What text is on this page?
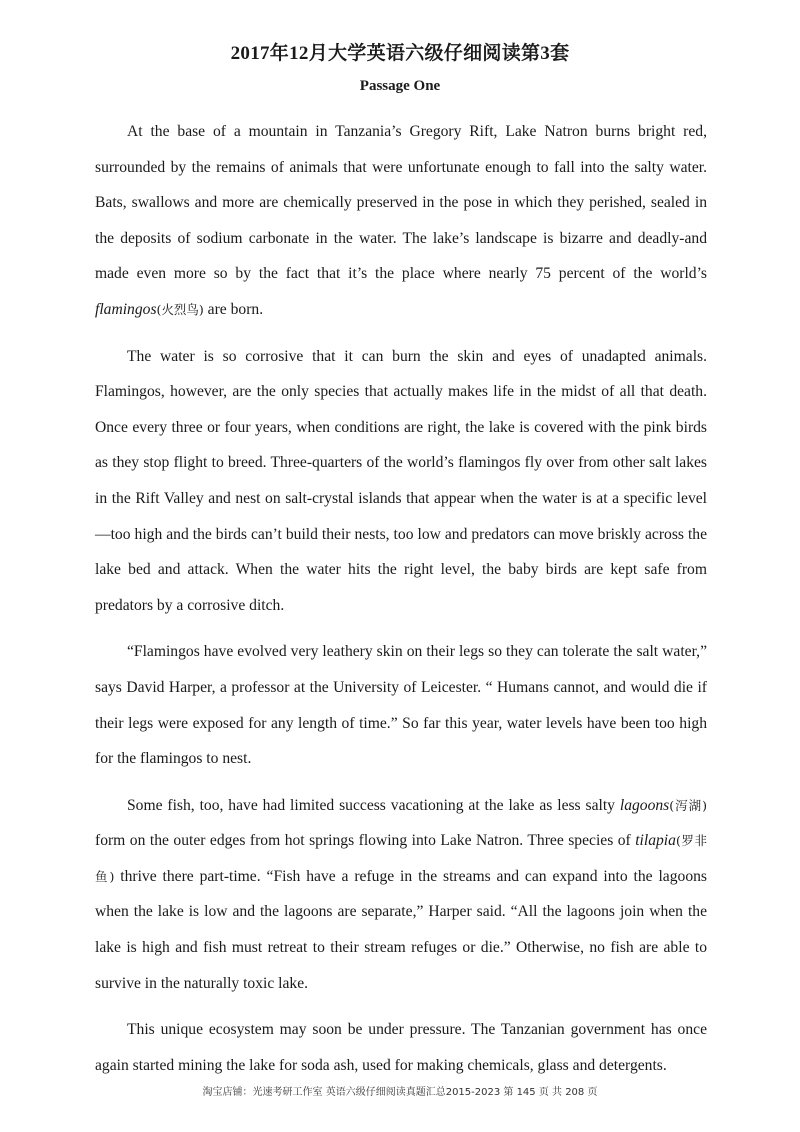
2017年12月大学英语六级仔细阅读第3套
Passage One

At the base of a mountain in Tanzania’s Gregory Rift, Lake Natron burns bright red, surrounded by the remains of animals that were unfortunate enough to fall into the salty water. Bats, swallows and more are chemically preserved in the pose in which they perished, sealed in the deposits of sodium carbonate in the water. The lake’s landscape is bizarre and deadly-and made even more so by the fact that it’s the place where nearly 75 percent of the world’s flamingos(火烈鸟) are born.

The water is so corrosive that it can burn the skin and eyes of unadapted animals. Flamingos, however, are the only species that actually makes life in the midst of all that death. Once every three or four years, when conditions are right, the lake is covered with the pink birds as they stop flight to breed. Three-quarters of the world’s flamingos fly over from other salt lakes in the Rift Valley and nest on salt-crystal islands that appear when the water is at a specific level—too high and the birds can’t build their nests, too low and predators can move briskly across the lake bed and attack. When the water hits the right level, the baby birds are kept safe from predators by a corrosive ditch.

“Flamingos have evolved very leathery skin on their legs so they can tolerate the salt water,” says David Harper, a professor at the University of Leicester. “ Humans cannot, and would die if their legs were exposed for any length of time.” So far this year, water levels have been too high for the flamingos to nest.

Some fish, too, have had limited success vacationing at the lake as less salty lagoons(泻湖) form on the outer edges from hot springs flowing into Lake Natron. Three species of tilapia(罗非鱼) thrive there part-time. “Fish have a refuge in the streams and can expand into the lagoons when the lake is low and the lagoons are separate,” Harper said. “All the lagoons join when the lake is high and fish must retreat to their stream refuges or die.” Otherwise, no fish are able to survive in the naturally toxic lake.

This unique ecosystem may soon be under pressure. The Tanzanian government has once again started mining the lake for soda ash, used for making chemicals, glass and detergents.

淘宝店铺：光速考研工作室 英语六级仔细阅读真题汇总2015-2023 第 145 页 共 208 页
